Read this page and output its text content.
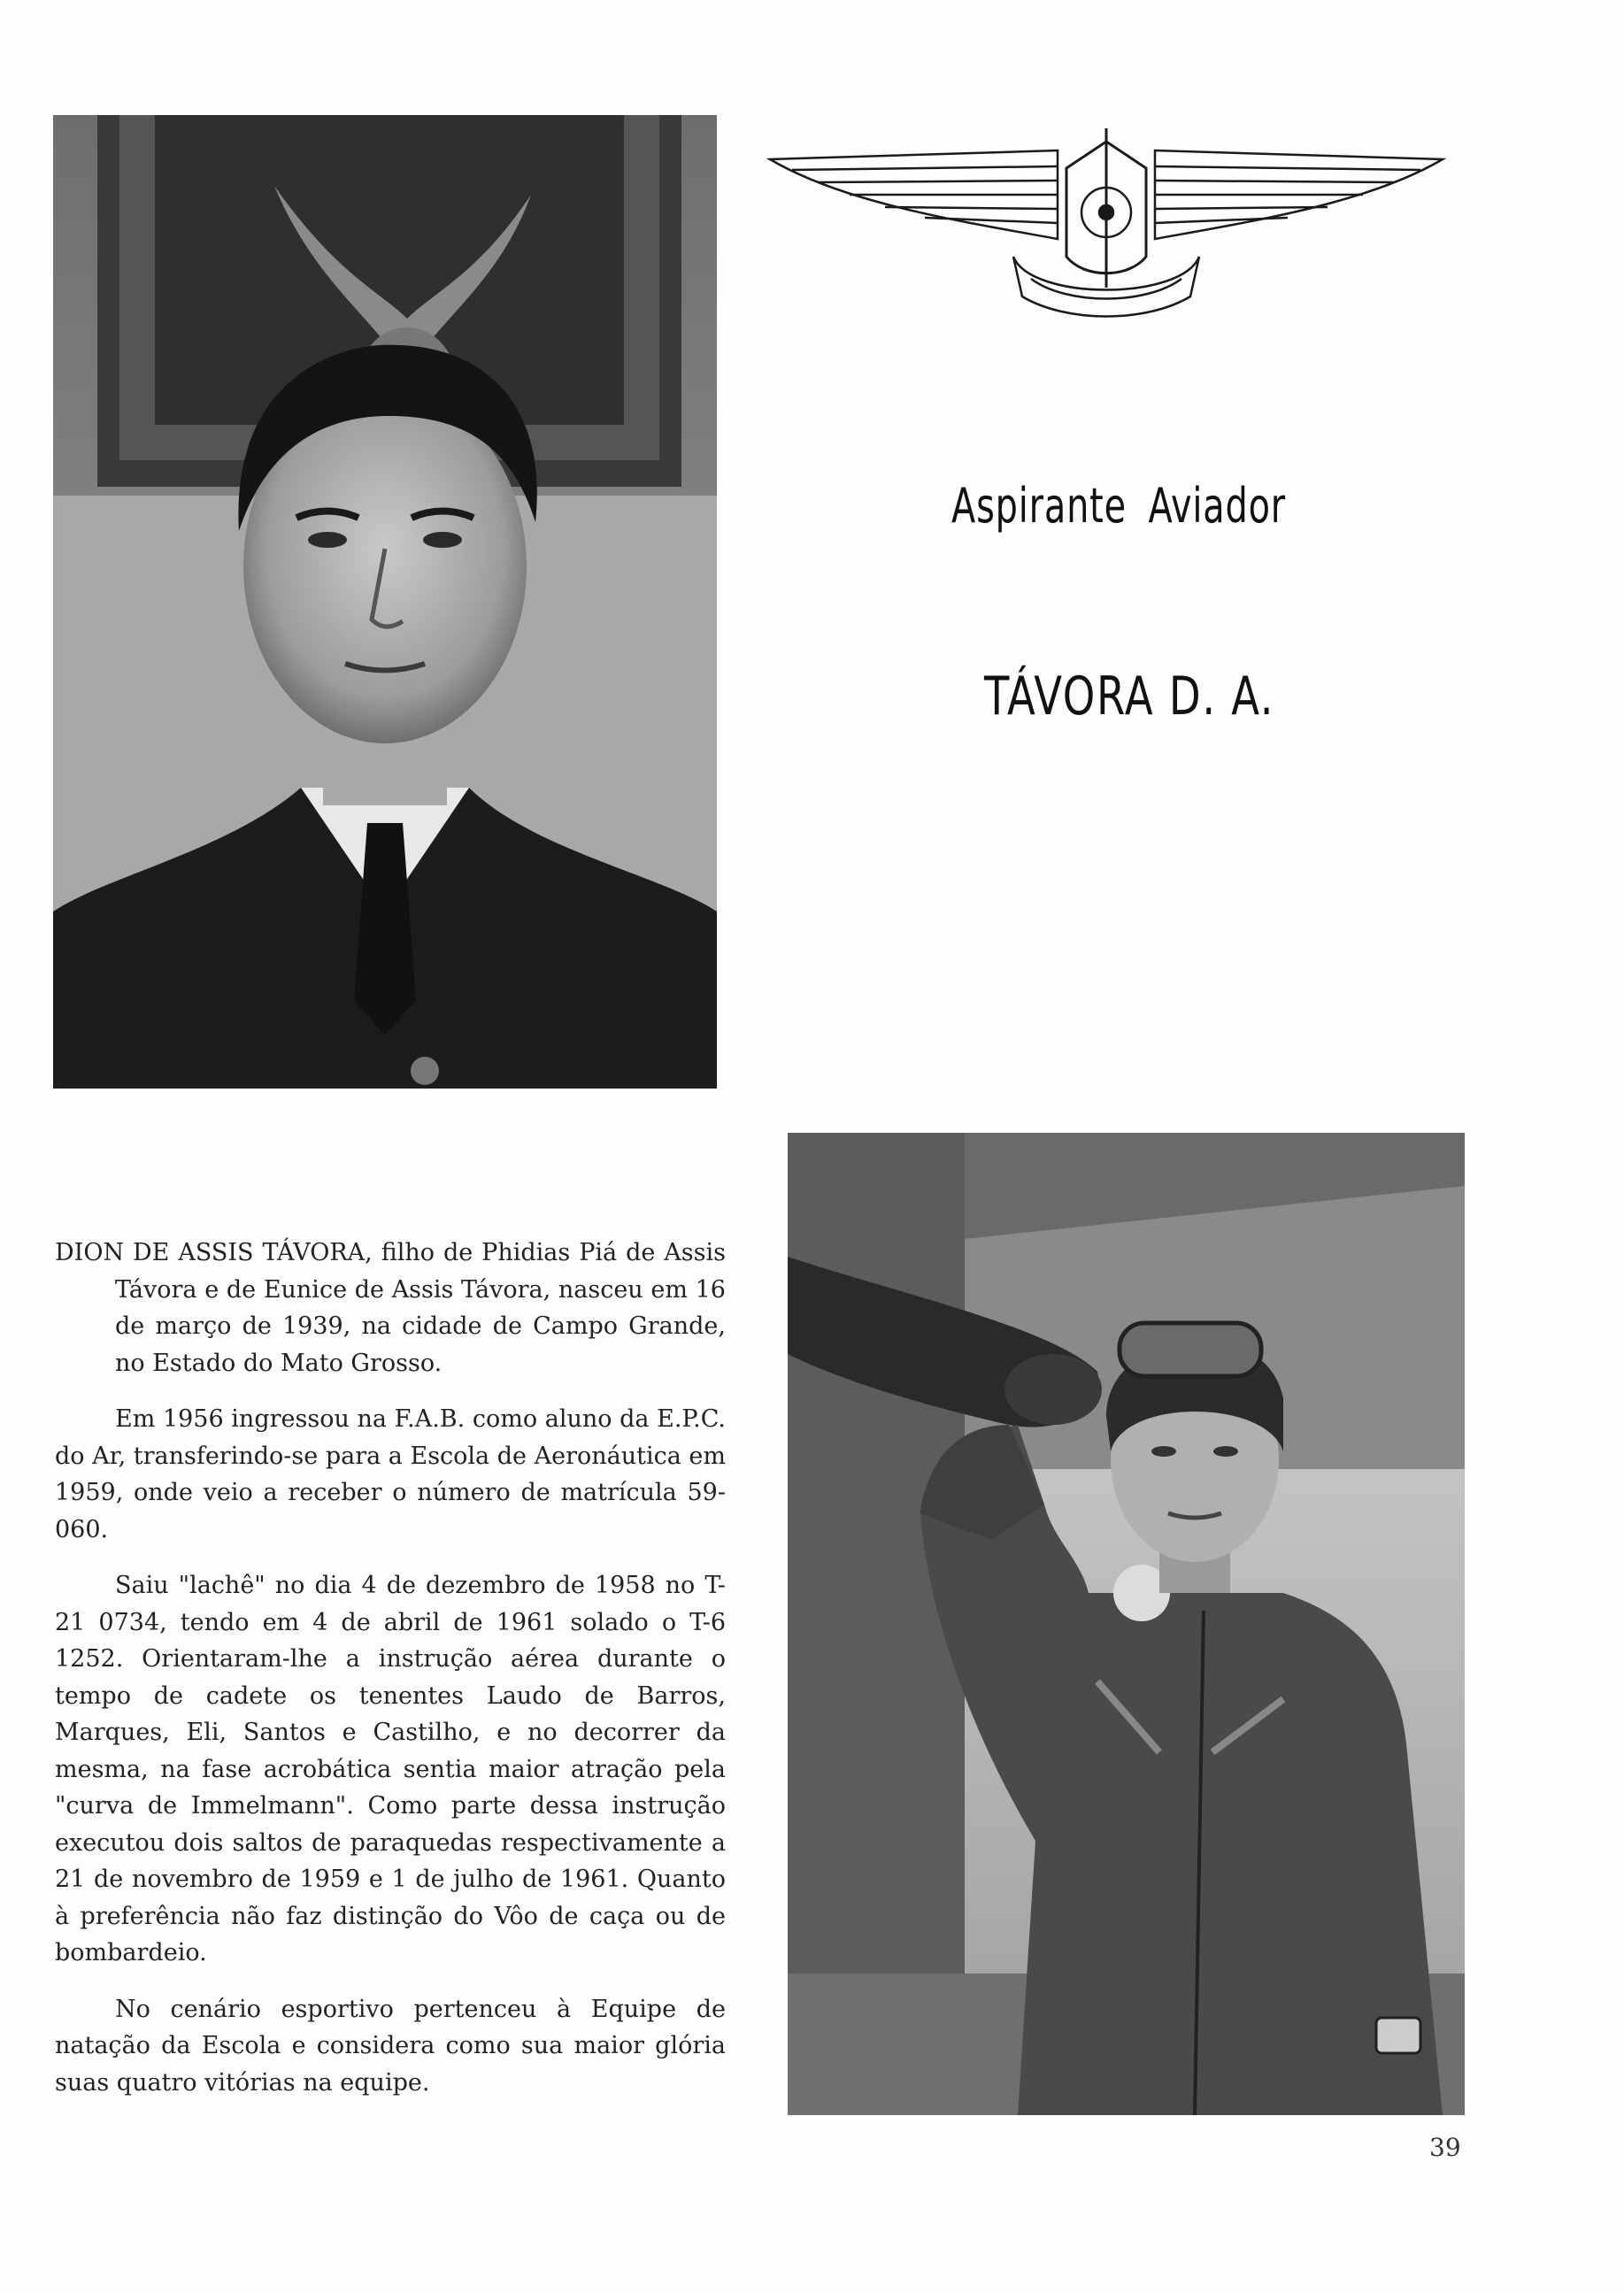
Aspirante Aviador
TÁVORA D. A.

DION DE ASSIS TÁVORA, filho de Phidias Piá de Assis Távora e de Eunice de Assis Távora, nasceu em 16 de março de 1939, na cidade de Campo Grande, no Estado do Mato Grosso.

Em 1956 ingressou na F.A.B. como aluno da E.P.C. do Ar, transferindo-se para a Escola de Aeronáutica em 1959, onde veio a receber o número de matrícula 59-060.

Saiu "lachê" no dia 4 de dezembro de 1958 no T-21 0734, tendo em 4 de abril de 1961 solado o T-6 1252. Orientaram-lhe a instrução aérea durante o tempo de cadete os tenentes Laudo de Barros, Marques, Eli, Santos e Castilho, e no decorrer da mesma, na fase acrobática sentia maior atração pela "curva de Immelmann". Como parte dessa instrução executou dois saltos de paraquedas respectivamente a 21 de novembro de 1959 e 1 de julho de 1961. Quanto à preferência não faz distinção do Vôo de caça ou de bombardeio.

No cenário esportivo pertenceu à Equipe de natação da Escola e considera como sua maior glória suas quatro vitórias na equipe.

39
